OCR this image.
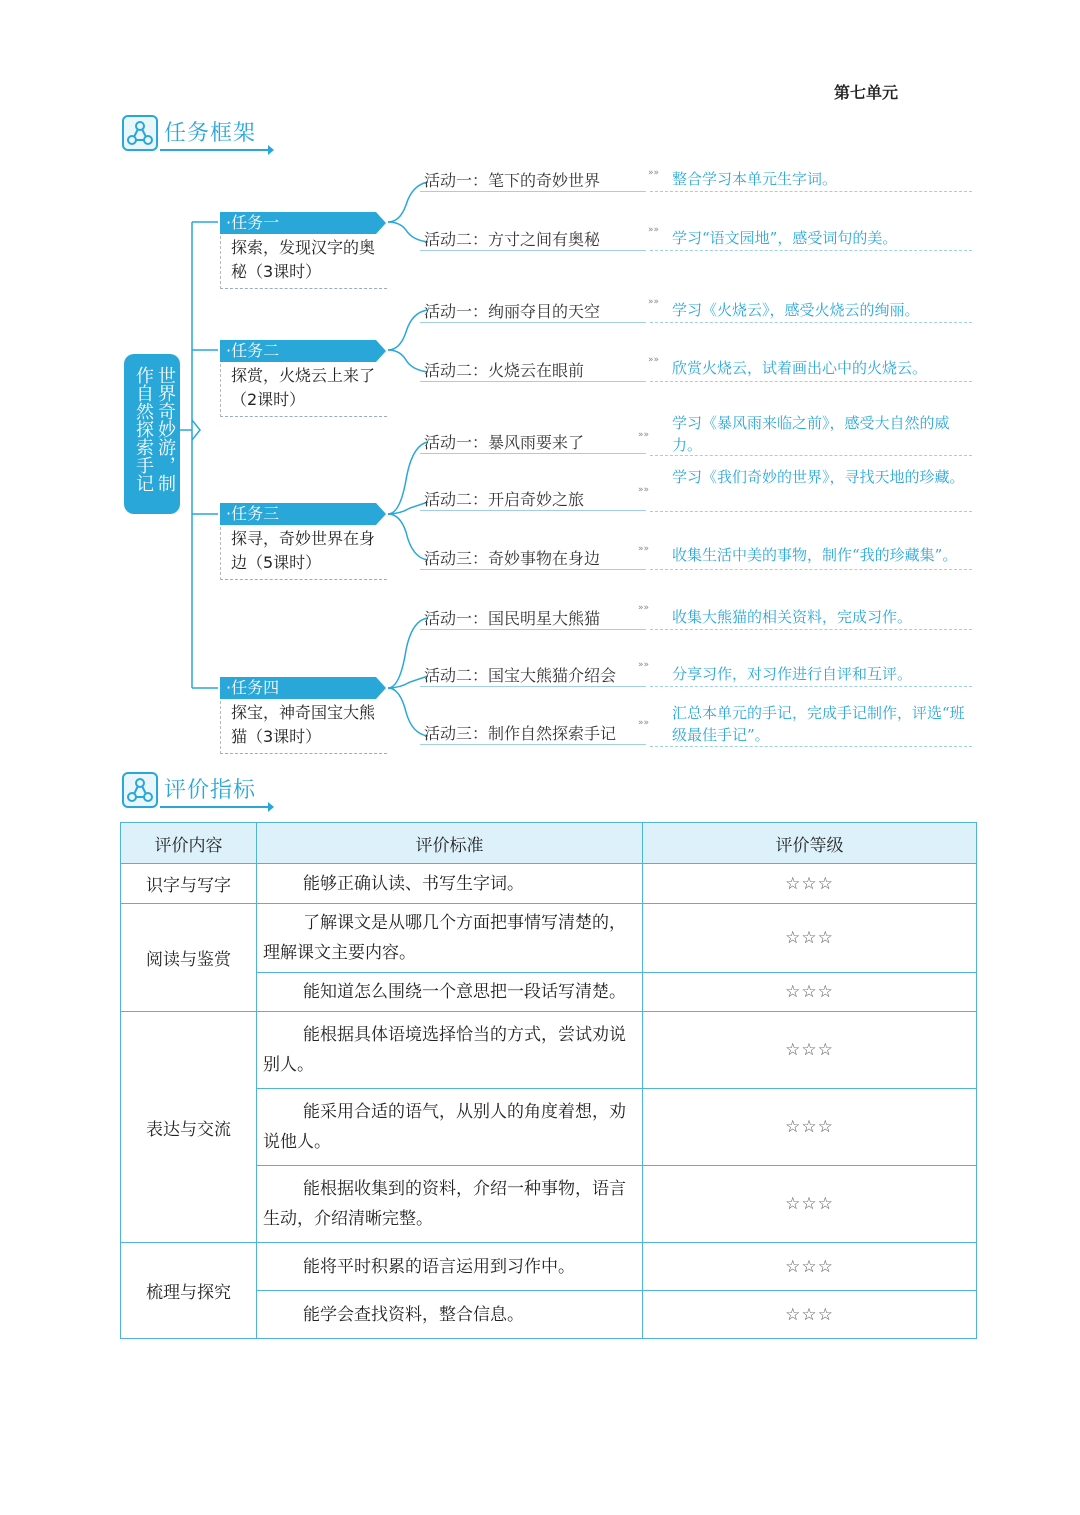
第七单元
任务框架
作自然探索手记 世界奇妙游，制
·任务一
探索，发现汉字的奥秘（3课时）
·任务二
探赏，火烧云上来了（2课时）
·任务三
探寻，奇妙世界在身边（5课时）
·任务四
探宝，神奇国宝大熊猫（3课时）
活动一：笔下的奇妙世界	»» 整合学习本单元生字词。
活动二：方寸之间有奥秘	»» 学习“语文园地”，感受词句的美。
活动一：绚丽夺目的天空	»» 学习《火烧云》，感受火烧云的绚丽。
活动二：火烧云在眼前
»» 欣赏火烧云，试着画出心中的火烧云。
活动一：暴风雨要来了	»»
学习《暴风雨来临之前》，感受大自然的威力。
活动二：开启奇妙之旅	»»
学习《我们奇妙的世界》，寻找天地的珍藏。
活动三：奇妙事物在身边	»» 收集生活中美的事物，制作“我的珍藏集”。
活动一：国民明星大熊猫
»» 收集大熊猫的相关资料，完成习作。
活动二：国宝大熊猫介绍会
»» 分享习作，对习作进行自评和互评。
活动三：制作自然探索手记
»»
汇总本单元的手记，完成手记制作，评选“班级最佳手记”。
评价指标
评价内容	评价标准	评价等级
识字与写字	能够正确认读、书写生字词。	☆☆☆
阅读与鉴赏	了解课文是从哪几个方面把事情写清楚的，理解课文主要内容。	☆☆☆
	能知道怎么围绕一个意思把一段话写清楚。	☆☆☆
表达与交流	能根据具体语境选择恰当的方式，尝试劝说别人。	☆☆☆
	能采用合适的语气，从别人的角度着想，劝说他人。	☆☆☆
	能根据收集到的资料，介绍一种事物，语言生动，介绍清晰完整。	☆☆☆
梳理与探究	能将平时积累的语言运用到习作中。	☆☆☆
	能学会查找资料，整合信息。	☆☆☆
